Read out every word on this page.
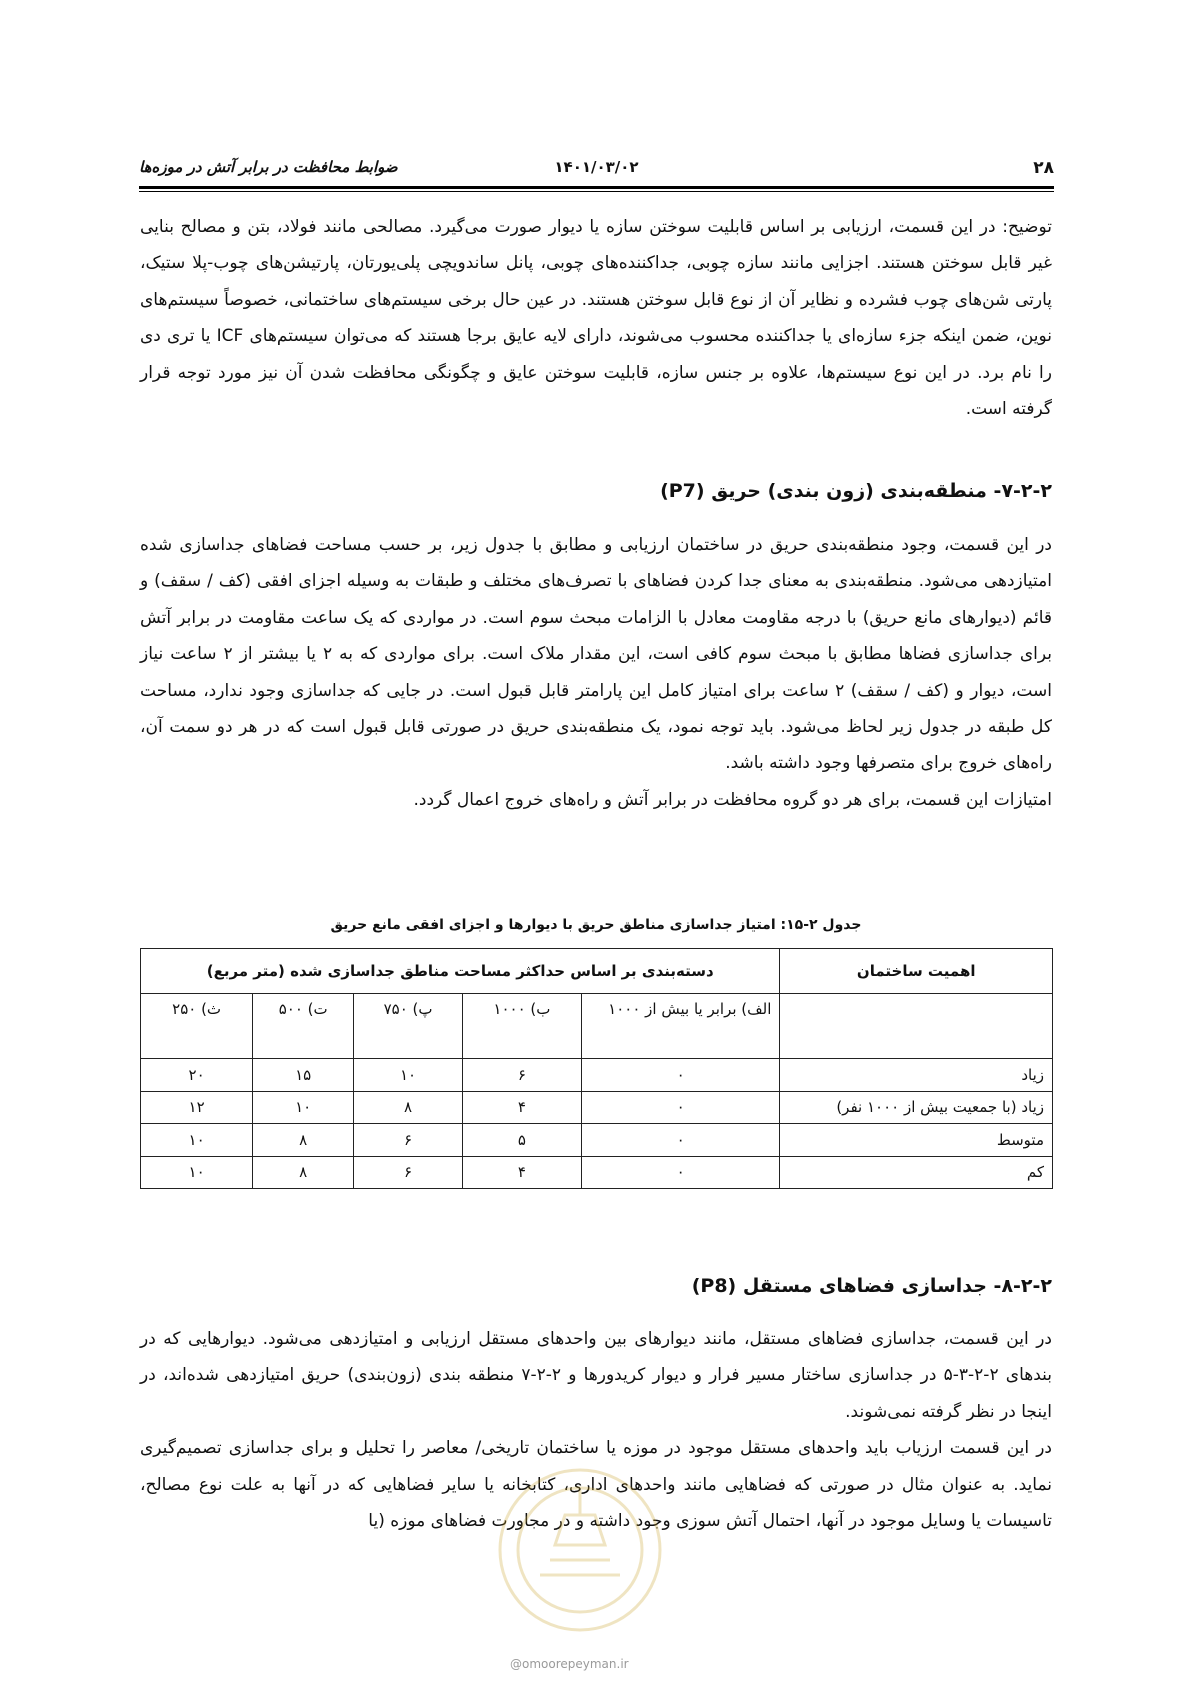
۲۸
۱۴۰۱/۰۳/۰۲
ضوابط محافظت در برابر آتش در موزه‌ها

توضیح: در این قسمت، ارزیابی بر اساس قابلیت سوختن سازه یا دیوار صورت می‌گیرد. مصالحی مانند فولاد، بتن و مصالح بنایی غیر قابل سوختن هستند. اجزایی مانند سازه چوبی، جداکننده‌های چوبی، پانل ساندویچی پلی‌یورتان، پارتیشن‌های چوب-پلا ستیک، پارتی شن‌های چوب فشرده و نظایر آن از نوع قابل سوختن هستند. در عین حال برخی سیستم‌های ساختمانی، خصوصاً سیستم‌های نوین، ضمن اینکه جزء سازه‌ای یا جداکننده محسوب می‌شوند، دارای لایه عایق برجا هستند که می‌توان سیستم‌های ICF یا تری دی را نام برد. در این نوع سیستم‌ها، علاوه بر جنس سازه، قابلیت سوختن عایق و چگونگی محافظت شدن آن نیز مورد توجه قرار گرفته است.

۷-۲-۲- منطقه‌بندی (زون بندی) حریق (P7)

در این قسمت، وجود منطقه‌بندی حریق در ساختمان ارزیابی و مطابق با جدول زیر، بر حسب مساحت فضاهای جداسازی شده امتیازدهی می‌شود. منطقه‌بندی به معنای جدا کردن فضاهای با تصرف‌های مختلف و طبقات به وسیله اجزای افقی (کف / سقف) و قائم (دیوارهای مانع حریق) با درجه مقاومت معادل با الزامات مبحث سوم است. در مواردی که یک ساعت مقاومت در برابر آتش برای جداسازی فضاها مطابق با مبحث سوم کافی است، این مقدار ملاک است. برای مواردی که به ۲ یا بیشتر از ۲ ساعت نیاز است، دیوار و (کف / سقف) ۲ ساعت برای امتیاز کامل این پارامتر قابل قبول است. در جایی که جداسازی وجود ندارد، مساحت کل طبقه در جدول زیر لحاظ می‌شود. باید توجه نمود، یک منطقه‌بندی حریق در صورتی قابل قبول است که در هر دو سمت آن، راه‌های خروج برای متصرفها وجود داشته باشد.
امتیازات این قسمت، برای هر دو گروه محافظت در برابر آتش و راه‌های خروج اعمال گردد.

جدول ۲-۱۵: امتیاز جداسازی مناطق حریق با دیوارها و اجزای افقی مانع حریق
اهمیت ساختمان	دسته‌بندی بر اساس حداکثر مساحت مناطق جداسازی شده (متر مربع)				
	الف) برابر یا بیش از ۱۰۰۰	ب) ۱۰۰۰	پ) ۷۵۰	ت) ۵۰۰	ث) ۲۵۰
زیاد	۰	۶	۱۰	۱۵	۲۰
زیاد (با جمعیت بیش از ۱۰۰۰ نفر)	۰	۴	۸	۱۰	۱۲
متوسط	۰	۵	۶	۸	۱۰
کم	۰	۴	۶	۸	۱۰
۸-۲-۲- جداسازی فضاهای مستقل (P8)

در این قسمت، جداسازی فضاهای مستقل، مانند دیوارهای بین واحدهای مستقل ارزیابی و امتیازدهی می‌شود. دیوارهایی که در بندهای ۲-۲-۳-۵ در جداسازی ساختار مسیر فرار و دیوار کریدورها و ۲-۲-۷ منطقه بندی (زون‌بندی) حریق امتیازدهی شده‌اند، در اینجا در نظر گرفته نمی‌شوند.
در این قسمت ارزیاب باید واحدهای مستقل موجود در موزه یا ساختمان تاریخی/ معاصر را تحلیل و برای جداسازی تصمیم‌گیری نماید. به عنوان مثال در صورتی که فضاهایی مانند واحدهای اداری، کتابخانه یا سایر فضاهایی که در آنها به علت نوع مصالح، تاسیسات یا وسایل موجود در آنها، احتمال آتش سوزی وجود داشته و در مجاورت فضاهای موزه (یا

@omoorepeyman.ir
